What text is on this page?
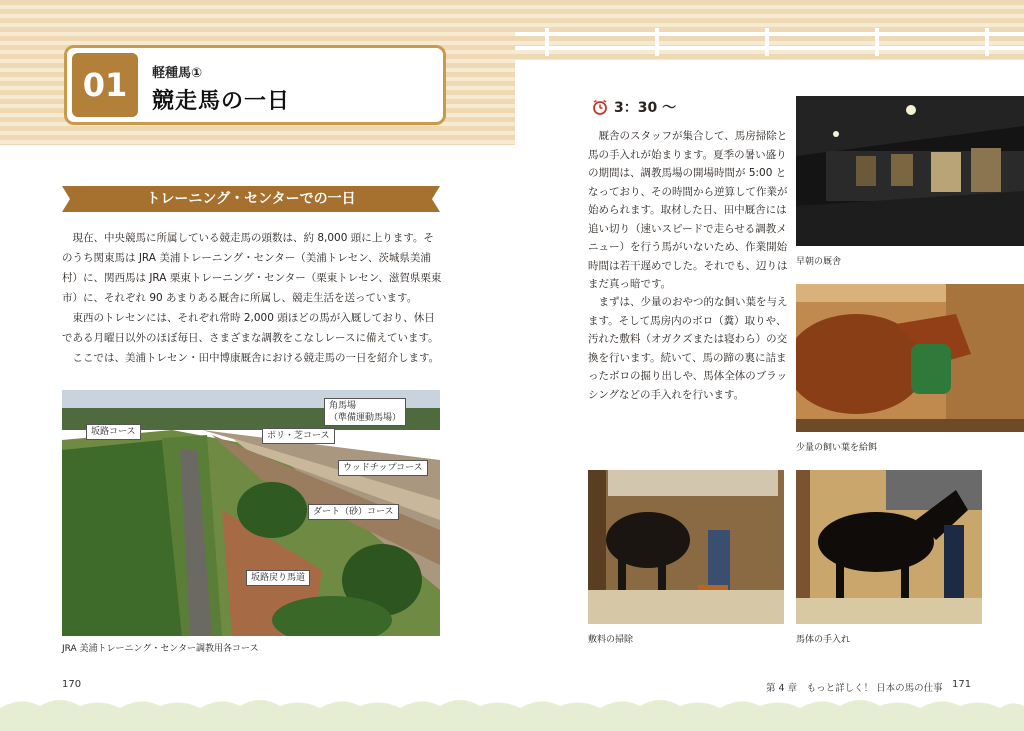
01	軽種馬①
競走馬の一日
トレーニング・センターでの一日

現在、中央競馬に所属している競走馬の頭数は、約 8,000 頭に上ります。そのうち関東馬は JRA 美浦トレーニング・センター（美浦トレセン、茨城県美浦村）に、関西馬は JRA 栗東トレーニング・センター（栗東トレセン、滋賀県栗東市）に、それぞれ 90 あまりある厩舎に所属し、競走生活を送っています。

東西のトレセンには、それぞれ常時 2,000 頭ほどの馬が入厩しており、休日である月曜日以外のほぼ毎日、さまざまな調教をこなしレースに備えています。

ここでは、美浦トレセン・田中博康厩舎における競走馬の一日を紹介します。

坂路コース
角馬場
（準備運動馬場）
ポリ・芝コース
ウッドチップコース
ダート（砂）コース
坂路戻り馬道
JRA 美浦トレーニング・センター調教用各コース
3：30 ～

厩舎のスタッフが集合して、馬房掃除と馬の手入れが始まります。夏季の暑い盛りの期間は、調教馬場の開場時間が 5:00 となっており、その時間から逆算して作業が始められます。取材した日、田中厩舎には追い切り（速いスピードで走らせる調教メニュー）を行う馬がいないため、作業開始時間は若干遅めでした。それでも、辺りはまだ真っ暗です。

まずは、少量のおやつ的な飼い葉を与えます。そして馬房内のボロ（糞）取りや、汚れた敷料（オガクズまたは寝わら）の交換を行います。続いて、馬の蹄の裏に詰まったボロの掘り出しや、馬体全体のブラッシングなどの手入れを行います。

早朝の厩舎
少量の飼い葉を給餌
敷料の掃除	馬体の手入れ
170	第 4 章　もっと詳しく！ 日本の馬の仕事 171
